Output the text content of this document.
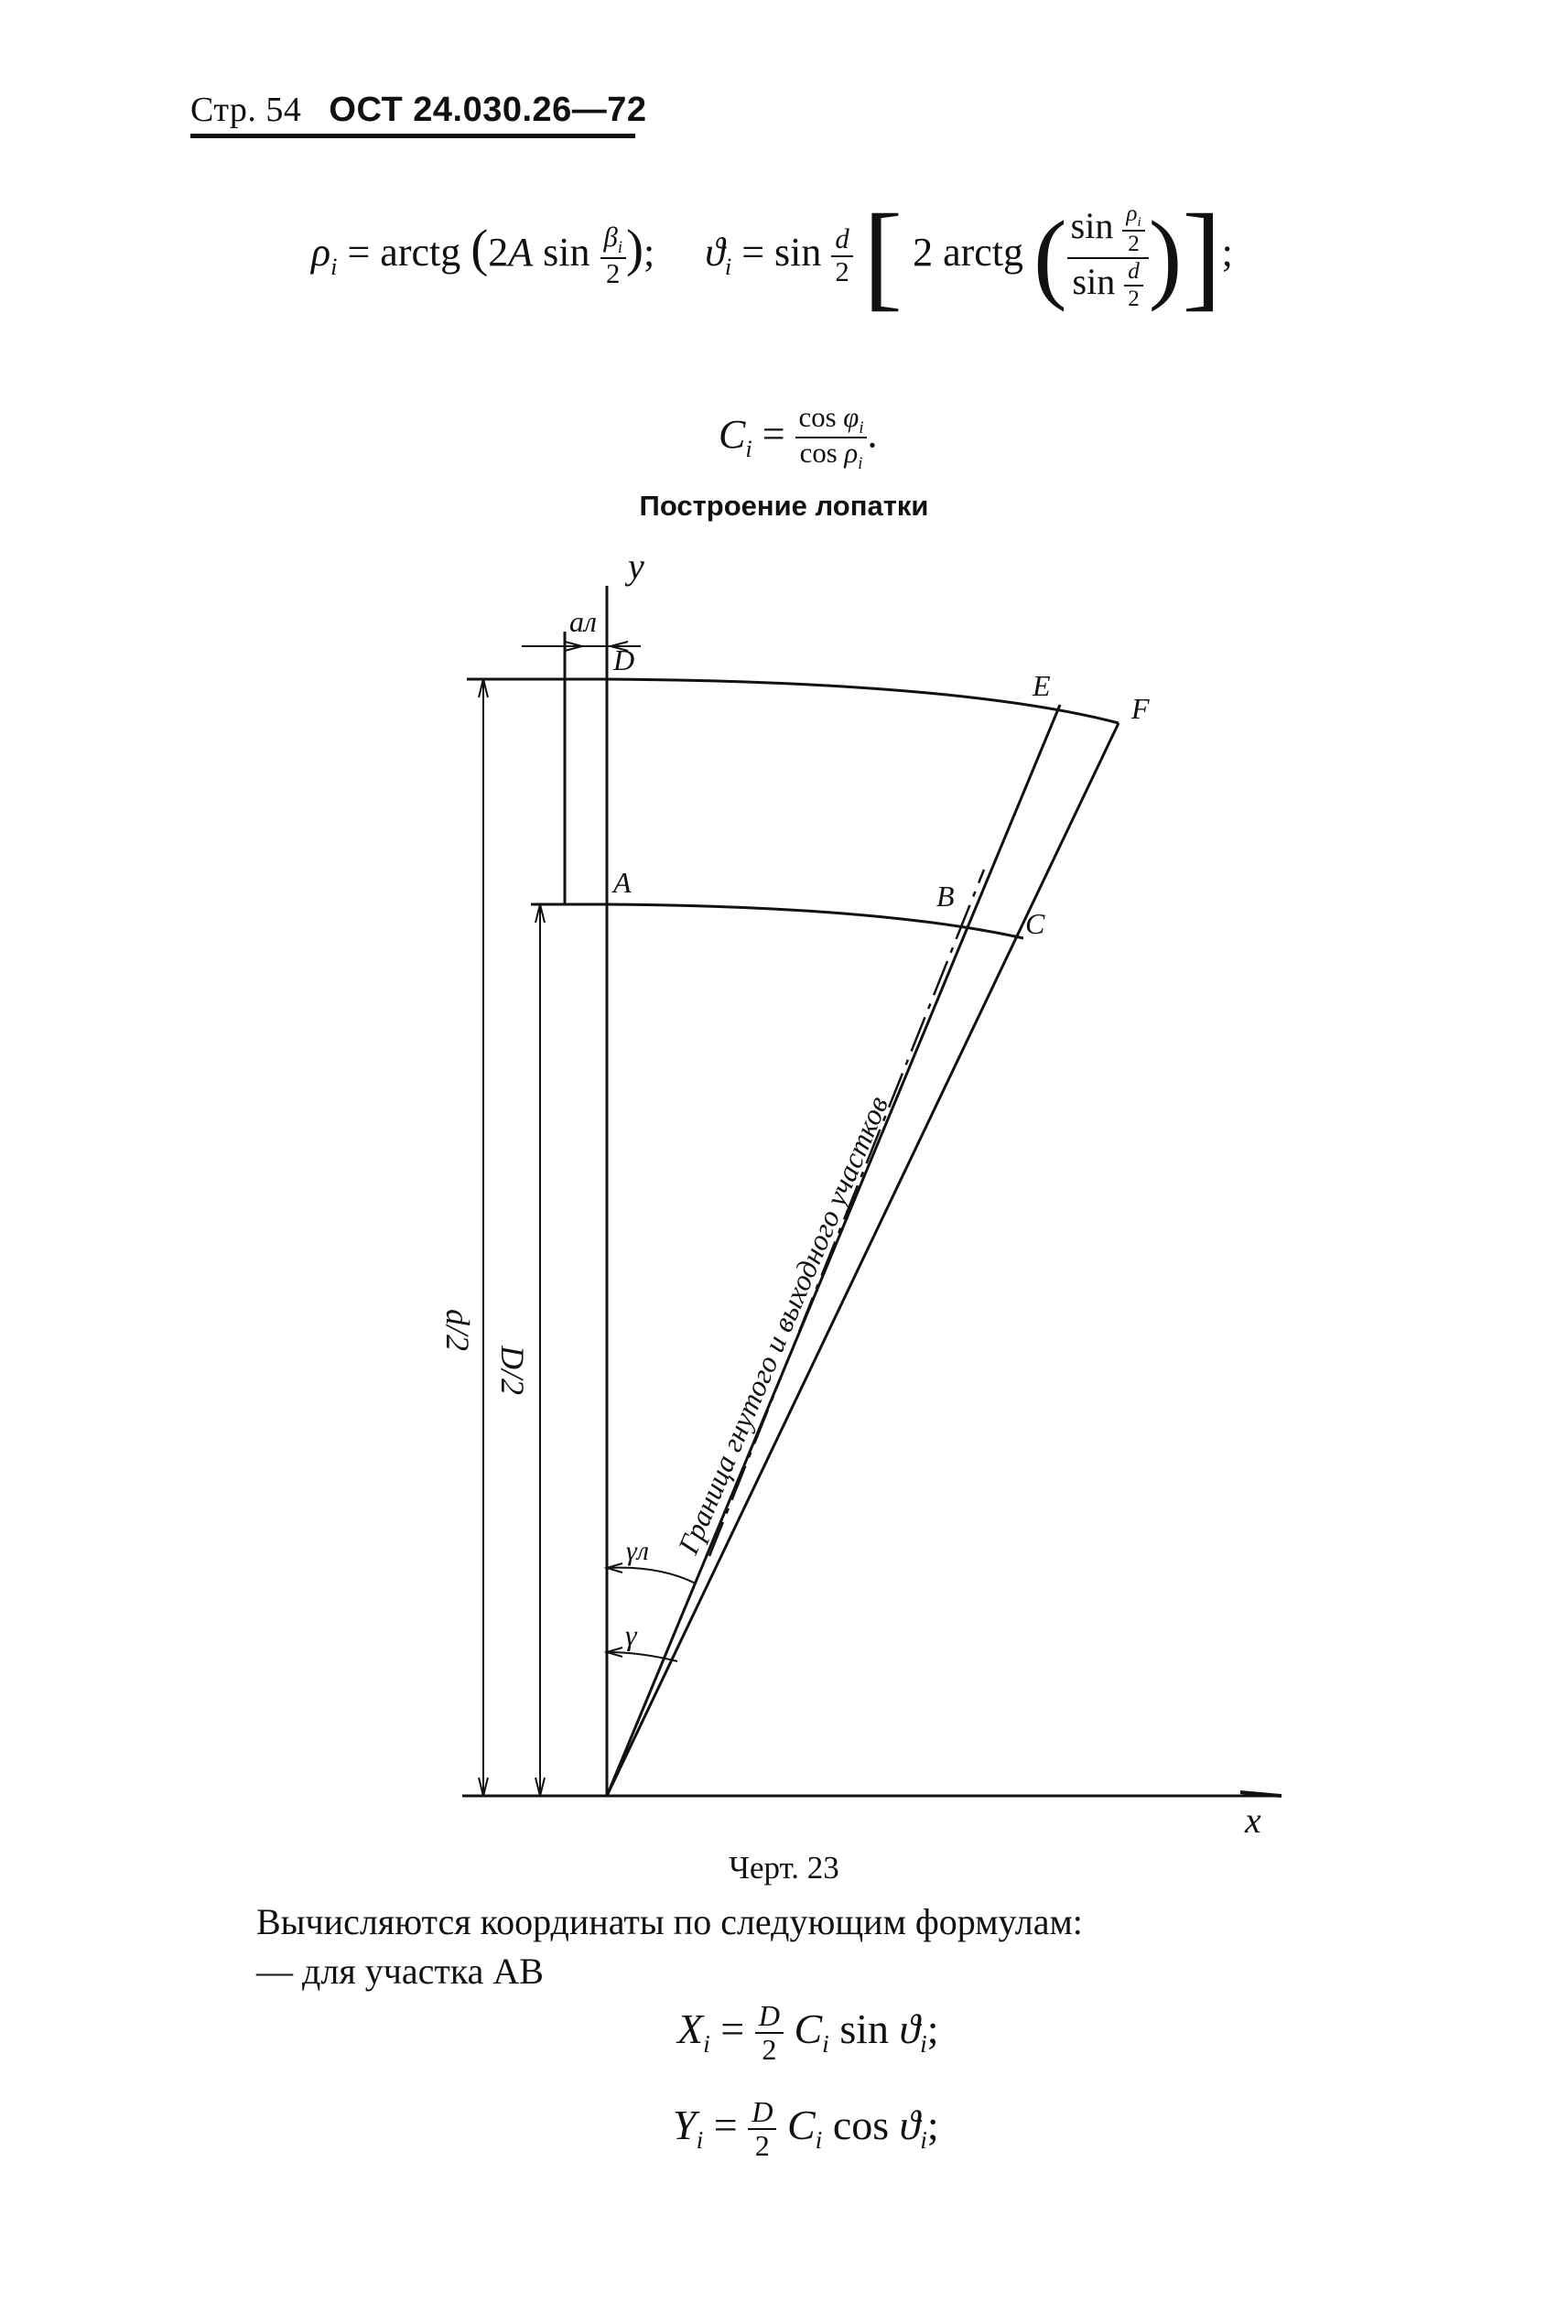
Стр. 54 ОСТ 24.030.26—72
$\rho_i$ = arctg (2A $\sin \frac{\beta_i}{2}$ );     $ϑ_i = \sin \frac{d}{2}$ [ 2 arctg ( $\frac{\sin \frac{\rho_i}{2}}{\sin \frac{d}{2}}$ )];
$C_i = \frac{\cos \varphi_i}{\cos \rho_i}$ .
Построение лопатки
y
x
aл
D
E
F
A	B
C
d/2
D/2
γл
γ
Граница гнутого и выходного участков
Черт. 23
Вычисляются координаты по следующим формулам:
— для участка AB
$X_i = \frac{D}{2} C_i$ $\sin ϑ_i$;
$Y_i = \frac{D}{2} C_i$ $\cos ϑ_i$;
